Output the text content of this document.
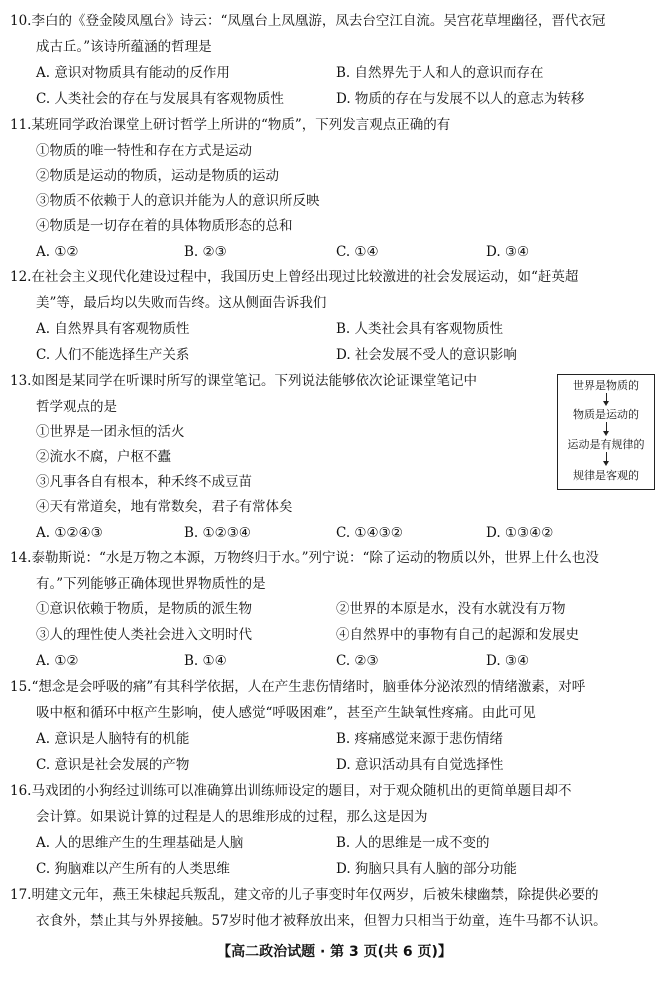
10.李白的《登金陵凤凰台》诗云：“凤凰台上凤凰游，凤去台空江自流。吴宫花草埋幽径，晋代衣冠
成古丘。”该诗所蕴涵的哲理是
A. 意识对物质具有能动的反作用	B. 自然界先于人和人的意识而存在
C. 人类社会的存在与发展具有客观物质性	D. 物质的存在与发展不以人的意志为转移
11.某班同学政治课堂上研讨哲学上所讲的“物质”，下列发言观点正确的有
①物质的唯一特性和存在方式是运动
②物质是运动的物质，运动是物质的运动
③物质不依赖于人的意识并能为人的意识所反映
④物质是一切存在着的具体物质形态的总和
A. ①②	B. ②③	C. ①④	D. ③④
12.在社会主义现代化建设过程中，我国历史上曾经出现过比较激进的社会发展运动，如“赶英超
美”等，最后均以失败而告终。这从侧面告诉我们
A. 自然界具有客观物质性	B. 人类社会具有客观物质性
C. 人们不能选择生产关系	D. 社会发展不受人的意识影响
13.如图是某同学在听课时所写的课堂笔记。下列说法能够依次论证课堂笔记中
哲学观点的是
①世界是一团永恒的活火
②流水不腐，户枢不蠹
③凡事各自有根本，种禾终不成豆苗
④天有常道矣，地有常数矣，君子有常体矣
A. ①②④③	B. ①②③④	C. ①④③②	D. ①③④②
世界是物质的
物质是运动的
运动是有规律的
规律是客观的
14.泰勒斯说：“水是万物之本源，万物终归于水。”列宁说：“除了运动的物质以外，世界上什么也没
有。”下列能够正确体现世界物质性的是
①意识依赖于物质，是物质的派生物	②世界的本原是水，没有水就没有万物
③人的理性使人类社会进入文明时代	④自然界中的事物有自己的起源和发展史
A. ①②	B. ①④	C. ②③	D. ③④
15.“想念是会呼吸的痛”有其科学依据，人在产生悲伤情绪时，脑垂体分泌浓烈的情绪激素，对呼
吸中枢和循环中枢产生影响，使人感觉“呼吸困难”，甚至产生缺氧性疼痛。由此可见
A. 意识是人脑特有的机能	B. 疼痛感觉来源于悲伤情绪
C. 意识是社会发展的产物	D. 意识活动具有自觉选择性
16.马戏团的小狗经过训练可以准确算出训练师设定的题目，对于观众随机出的更简单题目却不
会计算。如果说计算的过程是人的思维形成的过程，那么这是因为
A. 人的思维产生的生理基础是人脑	B. 人的思维是一成不变的
C. 狗脑难以产生所有的人类思维	D. 狗脑只具有人脑的部分功能
17.明建文元年，燕王朱棣起兵叛乱，建文帝的儿子事变时年仅两岁，后被朱棣幽禁，除提供必要的
衣食外，禁止其与外界接触。57岁时他才被释放出来，但智力只相当于幼童，连牛马都不认识。
【高二政治试题 · 第 3 页(共 6 页)】
